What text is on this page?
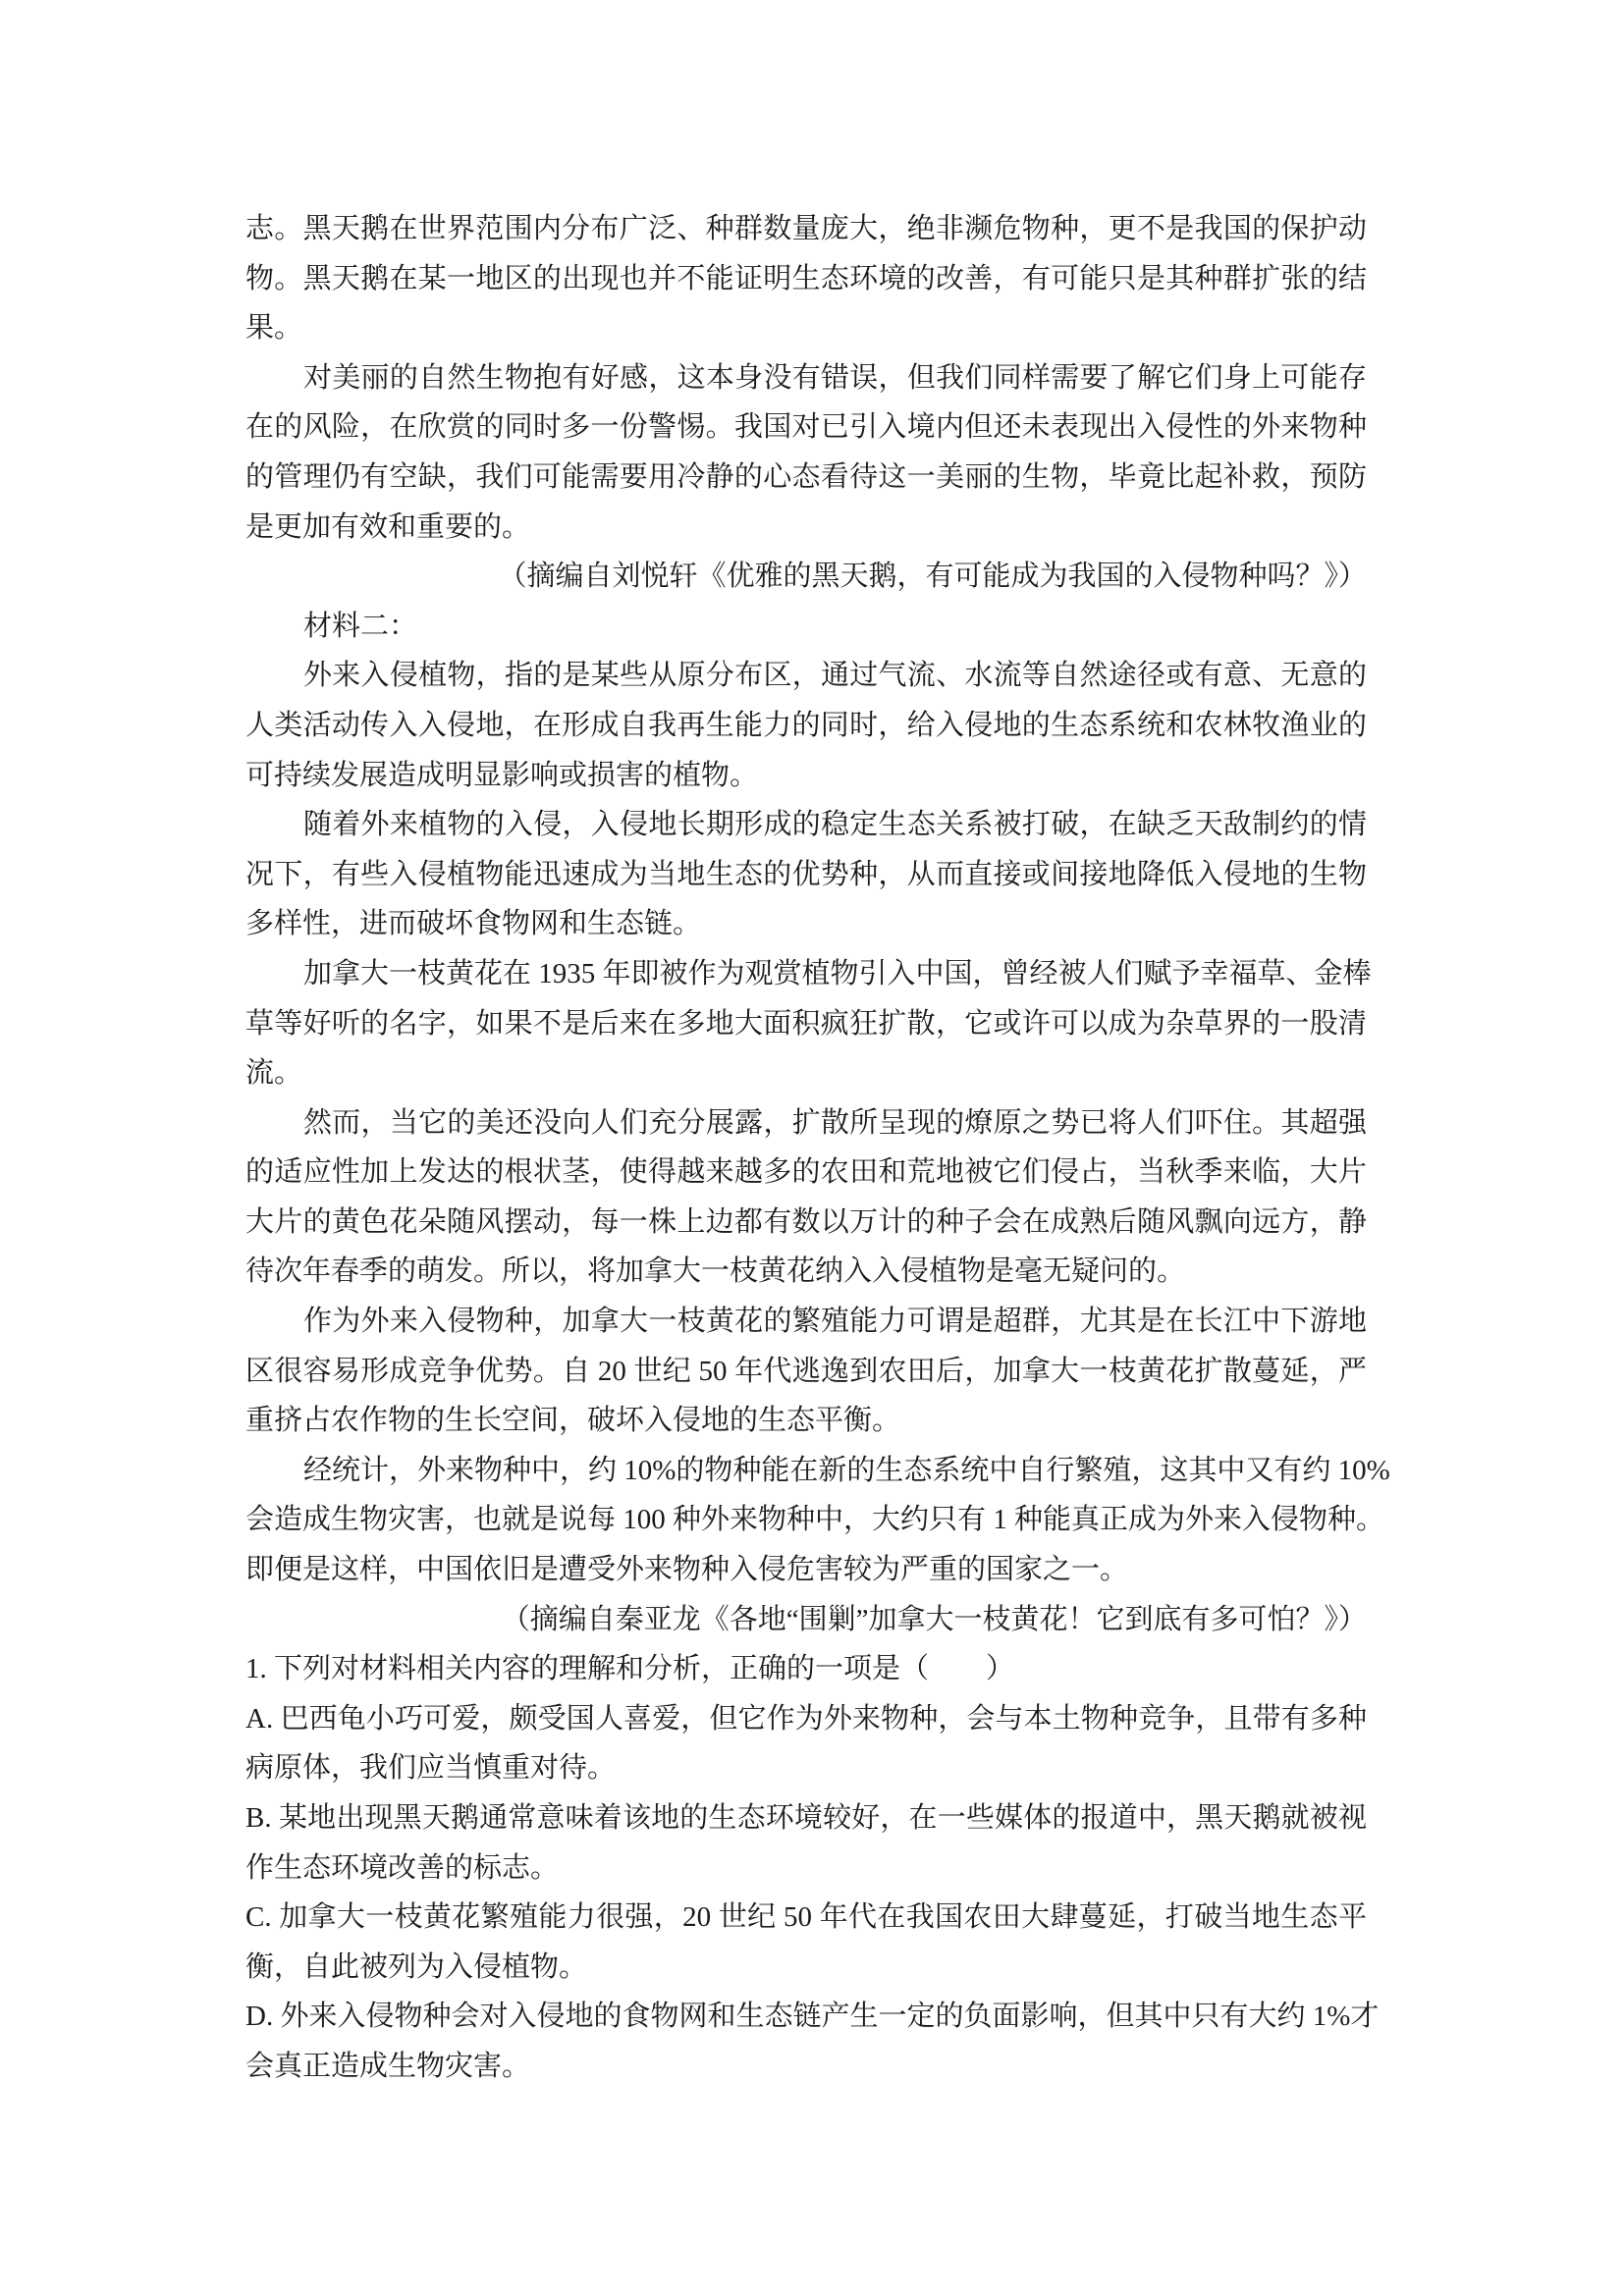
志。黑天鹅在世界范围内分布广泛、种群数量庞大，绝非濒危物种，更不是我国的保护动
物。黑天鹅在某一地区的出现也并不能证明生态环境的改善，有可能只是其种群扩张的结
果。
对美丽的自然生物抱有好感，这本身没有错误，但我们同样需要了解它们身上可能存
在的风险，在欣赏的同时多一份警惕。我国对已引入境内但还未表现出入侵性的外来物种
的管理仍有空缺，我们可能需要用冷静的心态看待这一美丽的生物，毕竟比起补救，预防
是更加有效和重要的。
（摘编自刘悦轩《优雅的黑天鹅，有可能成为我国的入侵物种吗？》）
材料二：
外来入侵植物，指的是某些从原分布区，通过气流、水流等自然途径或有意、无意的
人类活动传入入侵地，在形成自我再生能力的同时，给入侵地的生态系统和农林牧渔业的
可持续发展造成明显影响或损害的植物。
随着外来植物的入侵，入侵地长期形成的稳定生态关系被打破，在缺乏天敌制约的情
况下，有些入侵植物能迅速成为当地生态的优势种，从而直接或间接地降低入侵地的生物
多样性，进而破坏食物网和生态链。
加拿大一枝黄花在 1935 年即被作为观赏植物引入中国，曾经被人们赋予幸福草、金棒
草等好听的名字，如果不是后来在多地大面积疯狂扩散，它或许可以成为杂草界的一股清
流。
然而，当它的美还没向人们充分展露，扩散所呈现的燎原之势已将人们吓住。其超强
的适应性加上发达的根状茎，使得越来越多的农田和荒地被它们侵占，当秋季来临，大片
大片的黄色花朵随风摆动，每一株上边都有数以万计的种子会在成熟后随风飘向远方，静
待次年春季的萌发。所以，将加拿大一枝黄花纳入入侵植物是毫无疑问的。
作为外来入侵物种，加拿大一枝黄花的繁殖能力可谓是超群，尤其是在长江中下游地
区很容易形成竞争优势。自 20 世纪 50 年代逃逸到农田后，加拿大一枝黄花扩散蔓延，严
重挤占农作物的生长空间，破坏入侵地的生态平衡。
经统计，外来物种中，约 10%的物种能在新的生态系统中自行繁殖，这其中又有约 10%
会造成生物灾害，也就是说每 100 种外来物种中，大约只有 1 种能真正成为外来入侵物种。
即便是这样，中国依旧是遭受外来物种入侵危害较为严重的国家之一。
（摘编自秦亚龙《各地“围剿”加拿大一枝黄花！它到底有多可怕？》）
1. 下列对材料相关内容的理解和分析，正确的一项是（　　）
A. 巴西龟小巧可爱，颇受国人喜爱，但它作为外来物种，会与本土物种竞争，且带有多种
病原体，我们应当慎重对待。
B. 某地出现黑天鹅通常意味着该地的生态环境较好，在一些媒体的报道中，黑天鹅就被视
作生态环境改善的标志。
C. 加拿大一枝黄花繁殖能力很强，20 世纪 50 年代在我国农田大肆蔓延，打破当地生态平
衡，自此被列为入侵植物。
D. 外来入侵物种会对入侵地的食物网和生态链产生一定的负面影响，但其中只有大约 1%才
会真正造成生物灾害。
